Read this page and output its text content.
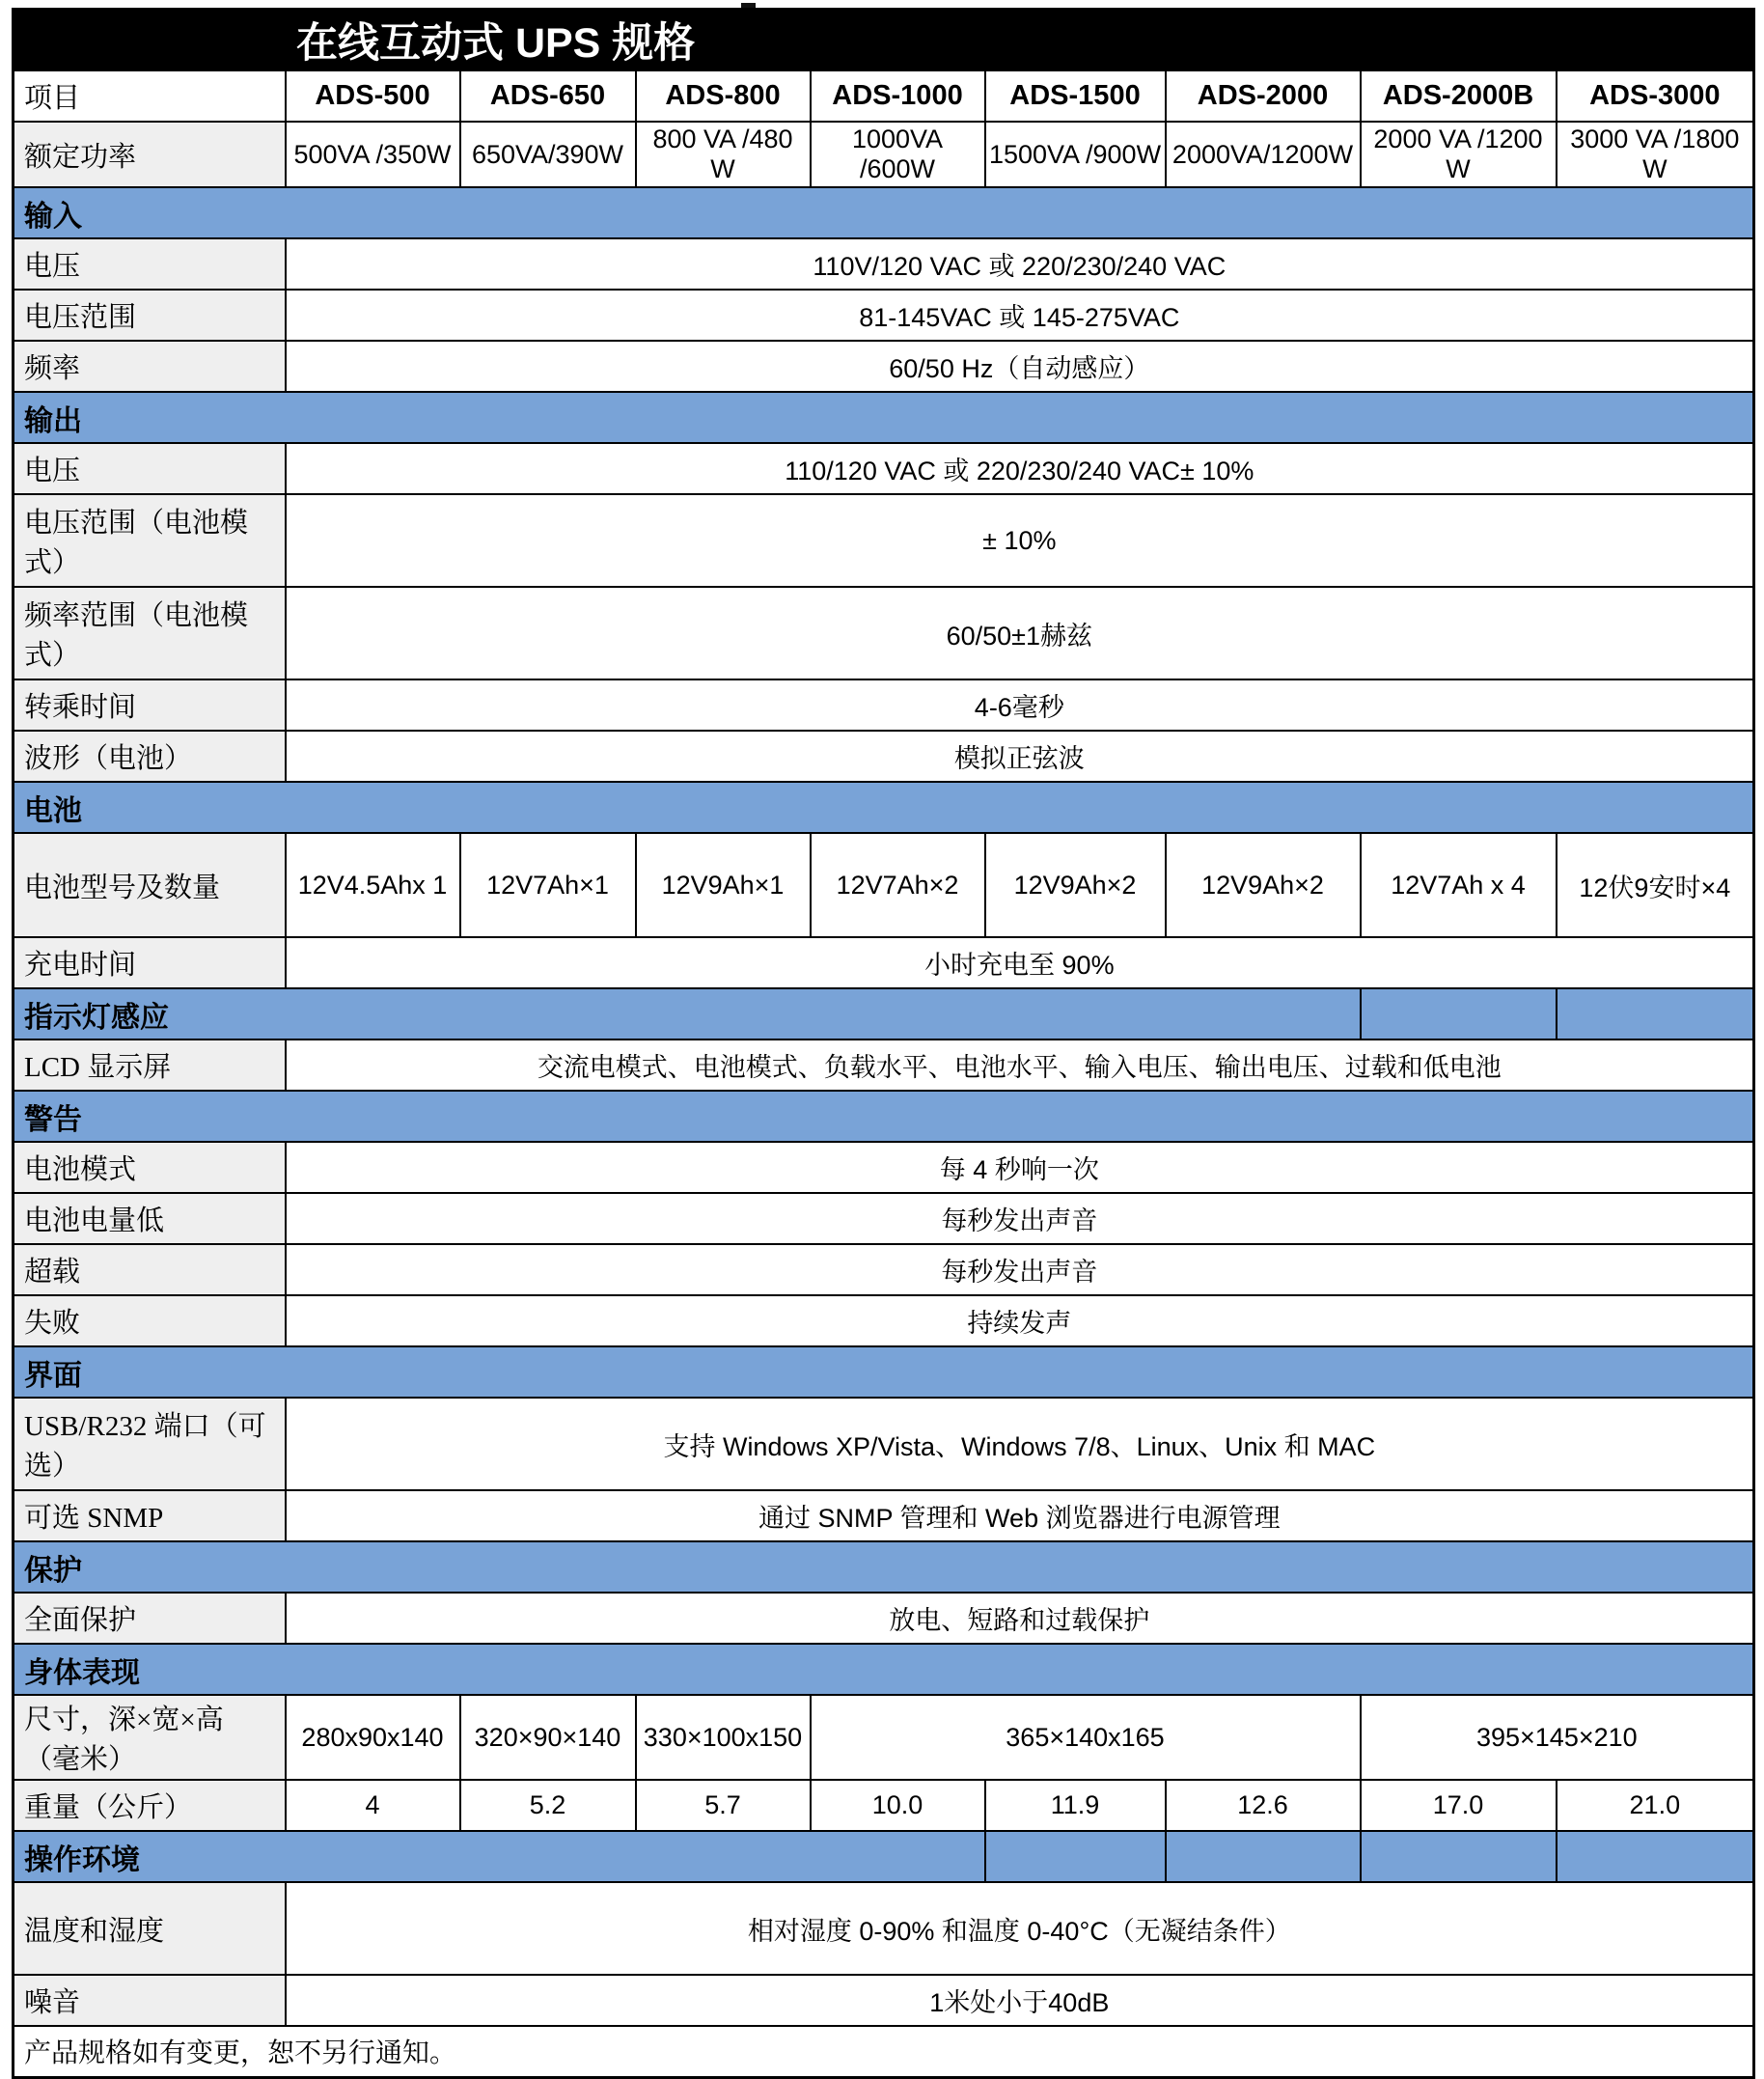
在线互动式 UPS 规格								
项目	ADS-500	ADS-650	ADS-800	ADS-1000	ADS-1500	ADS-2000	ADS-2000B	ADS-3000
额定功率	500VA /350W	650VA/390W	800 VA /480 W	1000VA /600W	1500VA /900W	2000VA/1200W	2000 VA /1200 W	3000 VA /1800 W
输入								
电压	110V/120 VAC 或 220/230/240 VAC							
电压范围	81-145VAC 或 145-275VAC							
频率	60/50 Hz（自动感应）							
输出								
电压	110/120 VAC 或 220/230/240 VAC± 10%							
电压范围（电池模式）	± 10%							
频率范围（电池模式）	60/50±1赫兹							
转乘时间	4-6毫秒							
波形（电池）	模拟正弦波							
电池								
电池型号及数量	12V4.5Ahx 1	12V7Ah×1	12V9Ah×1	12V7Ah×2	12V9Ah×2	12V9Ah×2	12V7Ah x 4	12伏9安时×4
充电时间	小时充电至 90%							
指示灯感应								
LCD 显示屏	交流电模式、电池模式、负载水平、电池水平、输入电压、输出电压、过载和低电池							
警告								
电池模式	每 4 秒响一次							
电池电量低	每秒发出声音							
超载	每秒发出声音							
失败	持续发声							
界面								
USB/R232 端口（可选）	支持 Windows XP/Vista、Windows 7/8、Linux、Unix 和 MAC							
可选 SNMP	通过 SNMP 管理和 Web 浏览器进行电源管理							
保护								
全面保护	放电、短路和过载保护							
身体表现								
尺寸，深×宽×高（毫米）	280x90x140	320×90×140	330×100x150	365×140x165			395×145×210	
重量（公斤）	4	5.2	5.7	10.0	11.9	12.6	17.0	21.0
操作环境								
温度和湿度	相对湿度 0-90% 和温度 0-40°C（无凝结条件）							
噪音	1米处小于40dB							
产品规格如有变更，恕不另行通知。								
